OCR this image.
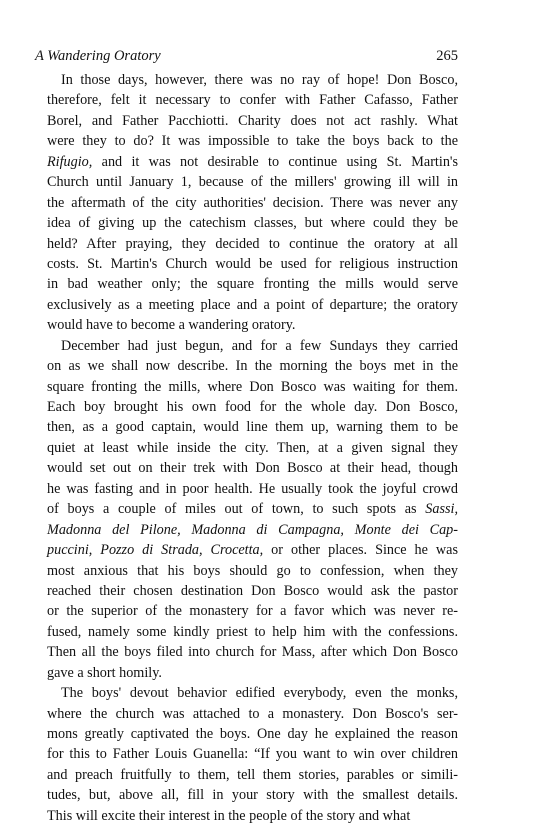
A Wandering Oratory	265
In those days, however, there was no ray of hope! Don Bosco,
therefore, felt it necessary to confer with Father Cafasso, Father
Borel, and Father Pacchiotti. Charity does not act rashly. What
were they to do? It was impossible to take the boys back to the
Rifugio, and it was not desirable to continue using St. Martin's
Church until January 1, because of the millers' growing ill will in
the aftermath of the city authorities' decision. There was never any
idea of giving up the catechism classes, but where could they be
held? After praying, they decided to continue the oratory at all
costs. St. Martin's Church would be used for religious instruction
in bad weather only; the square fronting the mills would serve
exclusively as a meeting place and a point of departure; the oratory
would have to become a wandering oratory.
December had just begun, and for a few Sundays they carried
on as we shall now describe. In the morning the boys met in the
square fronting the mills, where Don Bosco was waiting for them.
Each boy brought his own food for the whole day. Don Bosco,
then, as a good captain, would line them up, warning them to be
quiet at least while inside the city. Then, at a given signal they
would set out on their trek with Don Bosco at their head, though
he was fasting and in poor health. He usually took the joyful crowd
of boys a couple of miles out of town, to such spots as Sassi,
Madonna del Pilone, Madonna di Campagna, Monte dei Cap-
puccini, Pozzo di Strada, Crocetta, or other places. Since he was
most anxious that his boys should go to confession, when they
reached their chosen destination Don Bosco would ask the pastor
or the superior of the monastery for a favor which was never re-
fused, namely some kindly priest to help him with the confessions.
Then all the boys filed into church for Mass, after which Don Bosco
gave a short homily.
The boys' devout behavior edified everybody, even the monks,
where the church was attached to a monastery. Don Bosco's ser-
mons greatly captivated the boys. One day he explained the reason
for this to Father Louis Guanella: “If you want to win over children
and preach fruitfully to them, tell them stories, parables or simili-
tudes, but, above all, fill in your story with the smallest details.
This will excite their interest in the people of the story and what
